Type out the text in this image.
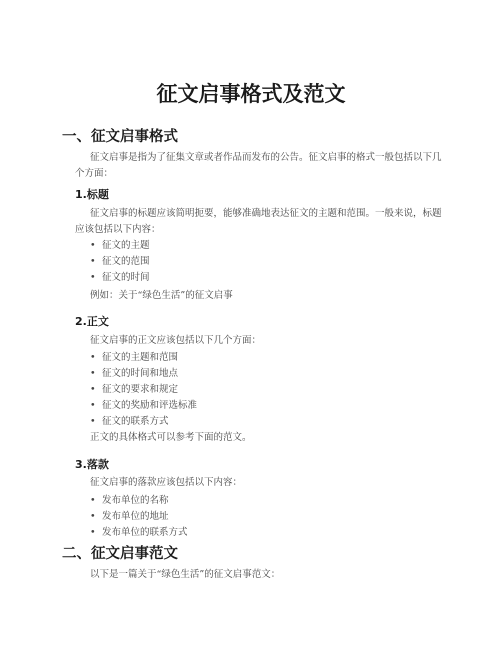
征文启事格式及范文
一、征文启事格式

征文启事是指为了征集文章或者作品而发布的公告。征文启事的格式一般包括以下几个方面：

1.标题

征文启事的标题应该简明扼要，能够准确地表达征文的主题和范围。一般来说，标题应该包括以下内容：

• 征文的主题
• 征文的范围
• 征文的时间

例如：关于“绿色生活”的征文启事

2.正文

征文启事的正文应该包括以下几个方面：

• 征文的主题和范围
• 征文的时间和地点
• 征文的要求和规定
• 征文的奖励和评选标准
• 征文的联系方式

正文的具体格式可以参考下面的范文。

3.落款

征文启事的落款应该包括以下内容：

• 发布单位的名称
• 发布单位的地址
• 发布单位的联系方式
二、征文启事范文

以下是一篇关于“绿色生活”的征文启事范文：
